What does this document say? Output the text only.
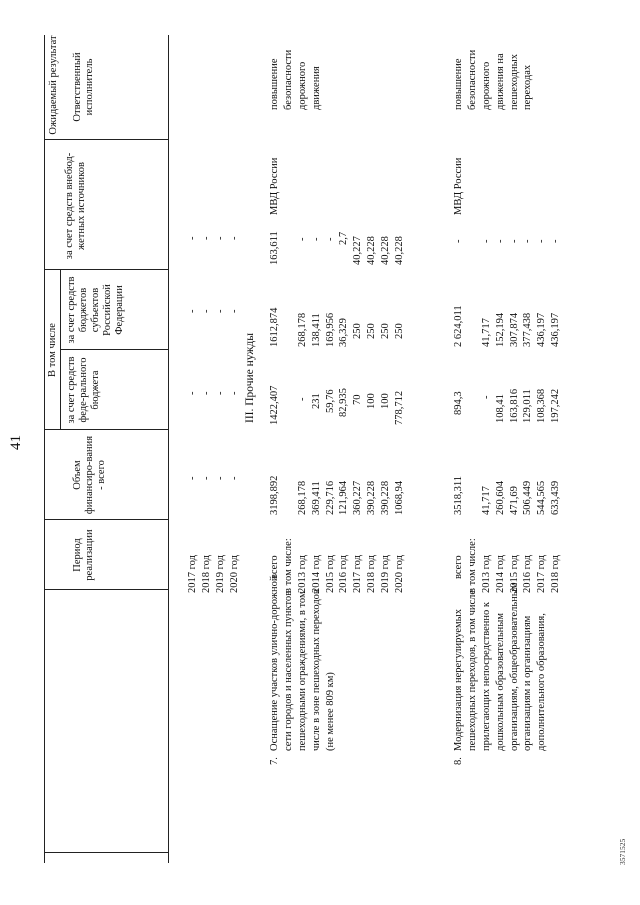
Период реализации
Объем финансиро-вания - всего
В том числе
за счет средств феде-рального бюджета
за счет средств бюджетов субъектов Российской Федерации
за счет средств внебюд-жетных источников
Ответственный исполнитель
41
2017 год 2018 год 2019 год 2020 год
- - - -
- - - -
- - - -
- - - -
III. Прочие нужды
7.
Оснащение участков улично-дорожной сети городов и населенных пунктов пешеходными ограждениями, в том числе в зоне пешеходных переходов (не менее 809 км)
всего в том числе: 2013 год 2014 год 2015 год 2016 год 2017 год 2018 год 2019 год 2020 год
3198,892 268,178 369,411 229,716 121,964 360,227 390,228 390,228 1068,94
1422,407 - 231 59,76 82,935 70 100 100 778,712
1612,874 268,178 138,411 169,956 36,329 250 250 250 250
163,611 - - - 2,7 40,227 40,228 40,228 40,228
МВД России
повышение безопасности дорожного движения
8.
Модернизация нерегулируемых пешеходных переходов, в том числе прилегающих непосредственно к дошкольным образовательным организациям, общеобразовательным организациям и организациям дополнительного образования,
всего в том числе: 2013 год 2014 год 2015 год 2016 год 2017 год 2018 год
3518,311 41,717 260,604 471,69 506,449 544,565 633,439
894,3 - 108,41 163,816 129,011 108,368 197,242
2 624,011 41,717 152,194 307,874 377,438 436,197 436,197
- - - - - - -
МВД России
повышение безопасности дорожного движения на пешеходных переходах
Ожидаемый результат
3571525
